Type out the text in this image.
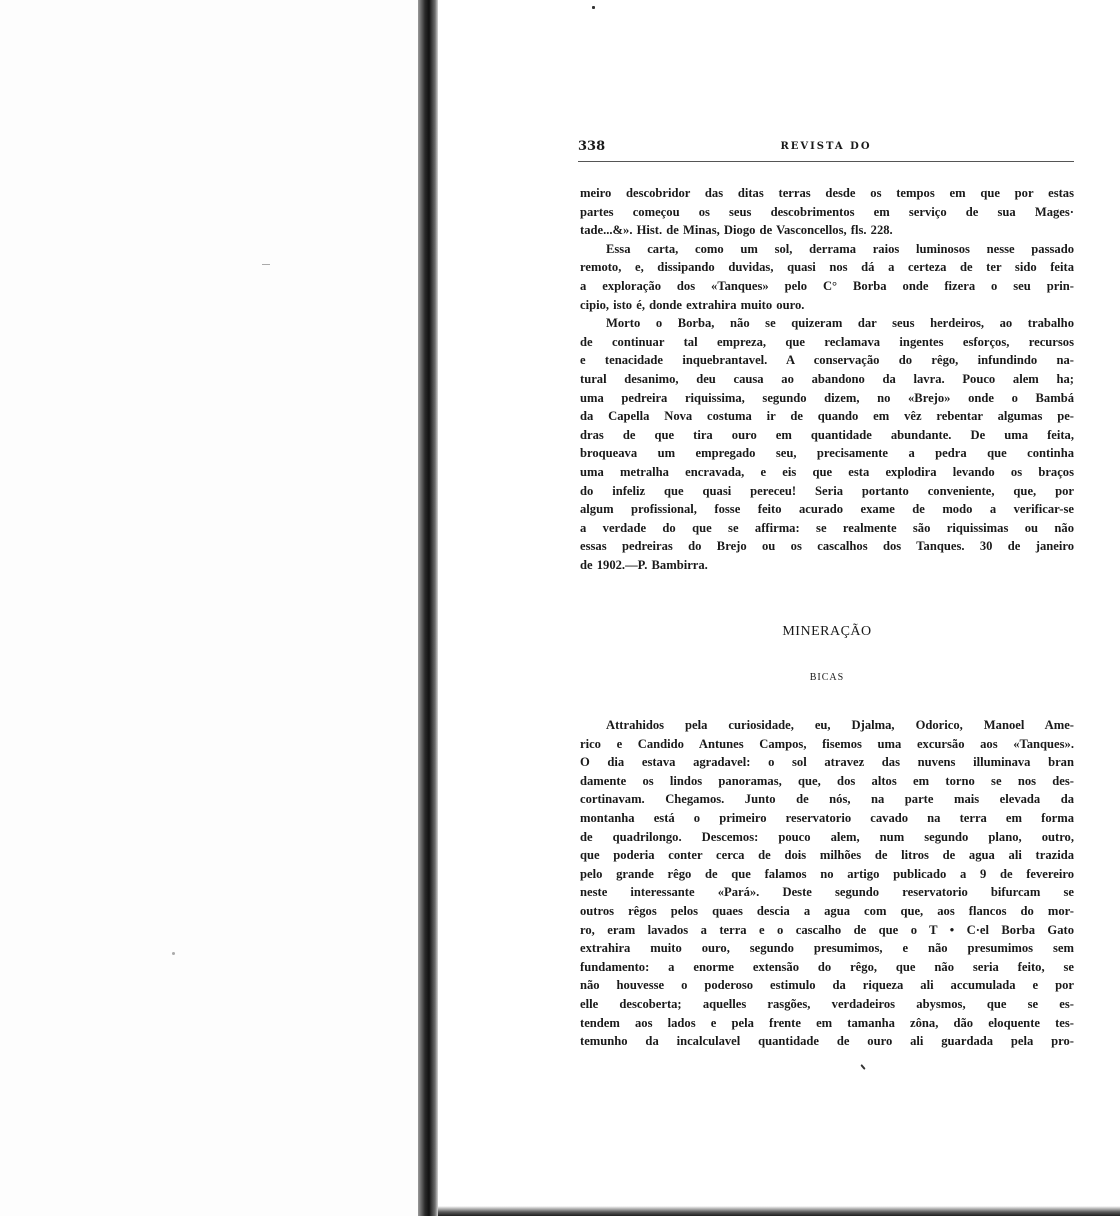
338	REVISTA DO
meiro descobridor das ditas terras desde os tempos em que por estas
partes começou os seus descobrimentos em serviço de sua Mages·
tade...&». Hist. de Minas, Diogo de Vasconcellos, fls. 228.
Essa carta, como um sol, derrama raios luminosos nesse passado
remoto, e, dissipando duvidas, quasi nos dá a certeza de ter sido feita
a exploração dos «Tanques» pelo C° Borba onde fizera o seu prin-
cipio, isto é, donde extrahira muito ouro.
Morto o Borba, não se quizeram dar seus herdeiros, ao trabalho
de continuar tal empreza, que reclamava ingentes esforços, recursos
e tenacidade inquebrantavel. A conservação do rêgo, infundindo na-
tural desanimo, deu causa ao abandono da lavra. Pouco alem ha;
uma pedreira riquissima, segundo dizem, no «Brejo» onde o Bambá
da Capella Nova costuma ir de quando em vêz rebentar algumas pe-
dras de que tira ouro em quantidade abundante. De uma feita,
broqueava um empregado seu, precisamente a pedra que continha
uma metralha encravada, e eis que esta explodira levando os braços
do infeliz que quasi pereceu! Seria portanto conveniente, que, por
algum profissional, fosse feito acurado exame de modo a verificar-se
a verdade do que se affirma: se realmente são riquissimas ou não
essas pedreiras do Brejo ou os cascalhos dos Tanques. 30 de janeiro
de 1902.—P. Bambirra.
MINERAÇÃO
BICAS
Attrahidos pela curiosidade, eu, Djalma, Odorico, Manoel Ame-
rico e Candido Antunes Campos, fisemos uma excursão aos «Tanques».
O dia estava agradavel: o sol atravez das nuvens illuminava bran
damente os lindos panoramas, que, dos altos em torno se nos des-
cortinavam. Chegamos. Junto de nós, na parte mais elevada da
montanha está o primeiro reservatorio cavado na terra em forma
de quadrilongo. Descemos: pouco alem, num segundo plano, outro,
que poderia conter cerca de dois milhões de litros de agua ali trazida
pelo grande rêgo de que falamos no artigo publicado a 9 de fevereiro
neste interessante «Pará». Deste segundo reservatorio bifurcam se
outros rêgos pelos quaes descia a agua com que, aos flancos do mor-
ro, eram lavados a terra e o cascalho de que o T • C·el Borba Gato
extrahira muito ouro, segundo presumimos, e não presumimos sem
fundamento: a enorme extensão do rêgo, que não seria feito, se
não houvesse o poderoso estimulo da riqueza ali accumulada e por
elle descoberta; aquelles rasgões, verdadeiros abysmos, que se es-
tendem aos lados e pela frente em tamanha zôna, dão eloquente tes-
temunho da incalculavel quantidade de ouro ali guardada pela pro-
